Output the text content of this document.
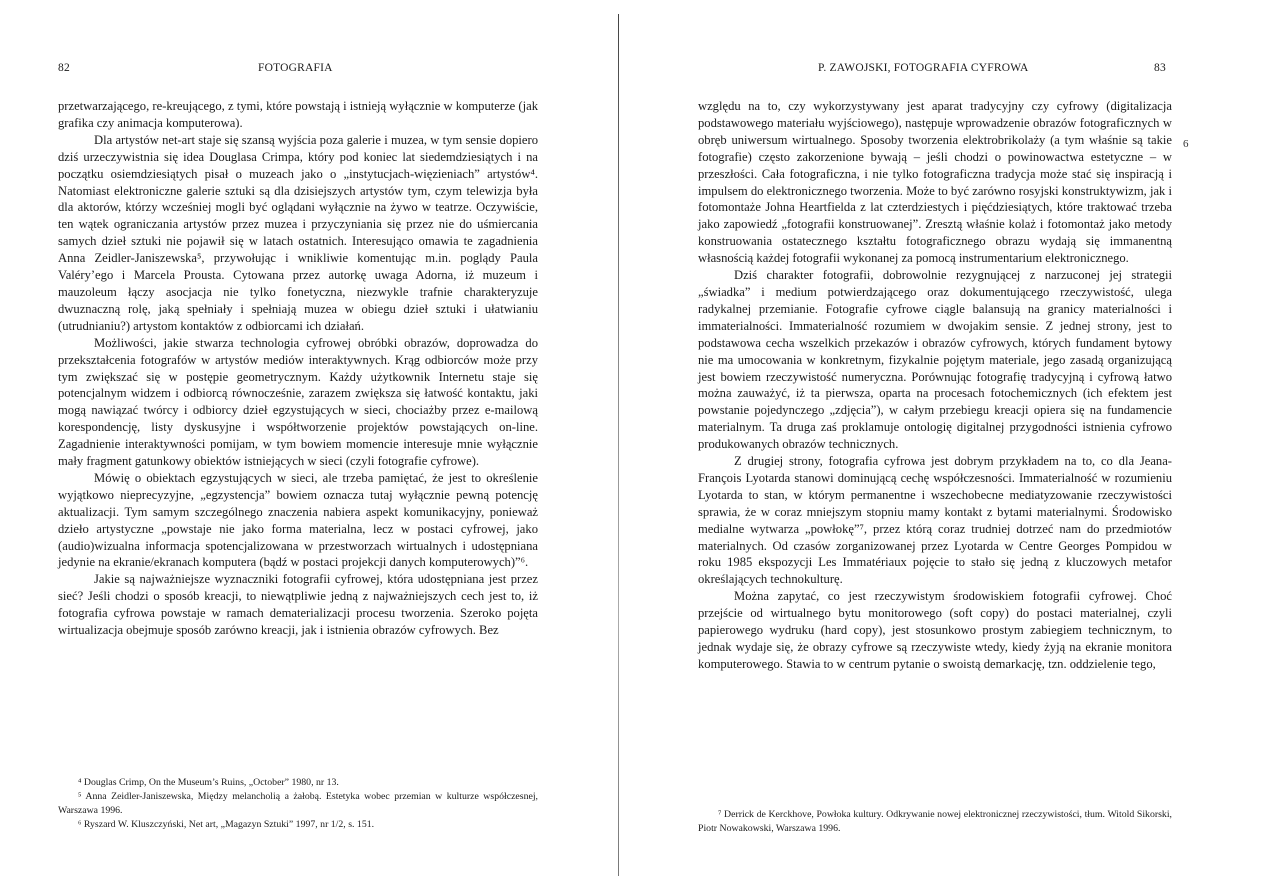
82	FOTOGRAFIA

przetwarzającego, re-kreującego, z tymi, które powstają i istnieją wyłącznie w komputerze (jak grafika czy animacja komputerowa).

Dla artystów net-art staje się szansą wyjścia poza galerie i muzea, w tym sensie dopiero dziś urzeczywistnia się idea Douglasa Crimpa, który pod koniec lat siedemdziesiątych i na początku osiemdziesiątych pisał o muzeach jako o „instytucjach-więzieniach” artystów⁴. Natomiast elektroniczne galerie sztuki są dla dzisiejszych artystów tym, czym telewizja była dla aktorów, którzy wcześniej mogli być oglądani wyłącznie na żywo w teatrze. Oczywiście, ten wątek ograniczania artystów przez muzea i przyczyniania się przez nie do uśmiercania samych dzieł sztuki nie pojawił się w latach ostatnich. Interesująco omawia te zagadnienia Anna Zeidler-Janiszewska⁵, przywołując i wnikliwie komentując m.in. poglądy Paula Valéry’ego i Marcela Prousta. Cytowana przez autorkę uwaga Adorna, iż muzeum i mauzoleum łączy asocjacja nie tylko fonetyczna, niezwykle trafnie charakteryzuje dwuznaczną rolę, jaką spełniały i spełniają muzea w obiegu dzieł sztuki i ułatwianiu (utrudnianiu?) artystom kontaktów z odbiorcami ich działań.

Możliwości, jakie stwarza technologia cyfrowej obróbki obrazów, doprowadza do przekształcenia fotografów w artystów mediów interaktywnych. Krąg odbiorców może przy tym zwiększać się w postępie geometrycznym. Każdy użytkownik Internetu staje się potencjalnym widzem i odbiorcą równocześnie, zarazem zwiększa się łatwość kontaktu, jaki mogą nawiązać twórcy i odbiorcy dzieł egzystujących w sieci, chociażby przez e-mailową korespondencję, listy dyskusyjne i współtworzenie projektów powstających on-line. Zagadnienie interaktywności pomijam, w tym bowiem momencie interesuje mnie wyłącznie mały fragment gatunkowy obiektów istniejących w sieci (czyli fotografie cyfrowe).

Mówię o obiektach egzystujących w sieci, ale trzeba pamiętać, że jest to określenie wyjątkowo nieprecyzyjne, „egzystencja” bowiem oznacza tutaj wyłącznie pewną potencję aktualizacji. Tym samym szczególnego znaczenia nabiera aspekt komunikacyjny, ponieważ dzieło artystyczne „powstaje nie jako forma materialna, lecz w postaci cyfrowej, jako (audio)wizualna informacja spotencjalizowana w przestworzach wirtualnych i udostępniana jedynie na ekranie/ekranach komputera (bądź w postaci projekcji danych komputerowych)”⁶.

Jakie są najważniejsze wyznaczniki fotografii cyfrowej, która udostępniana jest przez sieć? Jeśli chodzi o sposób kreacji, to niewątpliwie jedną z najważniejszych cech jest to, iż fotografia cyfrowa powstaje w ramach dematerializacji procesu tworzenia. Szeroko pojęta wirtualizacja obejmuje sposób zarówno kreacji, jak i istnienia obrazów cyfrowych. Bez

⁴ Douglas Crimp, On the Museum’s Ruins, „October” 1980, nr 13.

⁵ Anna Zeidler-Janiszewska, Między melancholią a żałobą. Estetyka wobec przemian w kulturze współczesnej, Warszawa 1996.

⁶ Ryszard W. Kluszczyński, Net art, „Magazyn Sztuki” 1997, nr 1/2, s. 151.

P. ZAWOJSKI, FOTOGRAFIA CYFROWA	83

względu na to, czy wykorzystywany jest aparat tradycyjny czy cyfrowy (digitalizacja podstawowego materiału wyjściowego), następuje wprowadzenie obrazów fotograficznych w obręb uniwersum wirtualnego. Sposoby tworzenia elektrobrikolaży (a tym właśnie są takie fotografie) często zakorzenione bywają – jeśli chodzi o powinowactwa estetyczne – w przeszłości. Cała fotograficzna, i nie tylko fotograficzna tradycja może stać się inspiracją i impulsem do elektronicznego tworzenia. Może to być zarówno rosyjski konstruktywizm, jak i fotomontaże Johna Heartfielda z lat czterdziestych i pięćdziesiątych, które traktować trzeba jako zapowiedź „fotografii konstruowanej”. Zresztą właśnie kolaż i fotomontaż jako metody konstruowania ostatecznego kształtu fotograficznego obrazu wydają się immanentną własnością każdej fotografii wykonanej za pomocą instrumentarium elektronicznego.

Dziś charakter fotografii, dobrowolnie rezygnującej z narzuconej jej strategii „świadka” i medium potwierdzającego oraz dokumentującego rzeczywistość, ulega radykalnej przemianie. Fotografie cyfrowe ciągle balansują na granicy materialności i immaterialności. Immaterialność rozumiem w dwojakim sensie. Z jednej strony, jest to podstawowa cecha wszelkich przekazów i obrazów cyfrowych, których fundament bytowy nie ma umocowania w konkretnym, fizykalnie pojętym materiale, jego zasadą organizującą jest bowiem rzeczywistość numeryczna. Porównując fotografię tradycyjną i cyfrową łatwo można zauważyć, iż ta pierwsza, oparta na procesach fotochemicznych (ich efektem jest powstanie pojedynczego „zdjęcia”), w całym przebiegu kreacji opiera się na fundamencie materialnym. Ta druga zaś proklamuje ontologię digitalnej przygodności istnienia cyfrowo produkowanych obrazów technicznych.

Z drugiej strony, fotografia cyfrowa jest dobrym przykładem na to, co dla Jeana-François Lyotarda stanowi dominującą cechę współczesności. Immaterialność w rozumieniu Lyotarda to stan, w którym permanentne i wszechobecne mediatyzowanie rzeczywistości sprawia, że w coraz mniejszym stopniu mamy kontakt z bytami materialnymi. Środowisko medialne wytwarza „powłokę”⁷, przez którą coraz trudniej dotrzeć nam do przedmiotów materialnych. Od czasów zorganizowanej przez Lyotarda w Centre Georges Pompidou w roku 1985 ekspozycji Les Immatériaux pojęcie to stało się jedną z kluczowych metafor określających technokulturę.

Można zapytać, co jest rzeczywistym środowiskiem fotografii cyfrowej. Choć przejście od wirtualnego bytu monitorowego (soft copy) do postaci materialnej, czyli papierowego wydruku (hard copy), jest stosunkowo prostym zabiegiem technicznym, to jednak wydaje się, że obrazy cyfrowe są rzeczywiste wtedy, kiedy żyją na ekranie monitora komputerowego. Stawia to w centrum pytanie o swoistą demarkację, tzn. oddzielenie tego,

⁷ Derrick de Kerckhove, Powłoka kultury. Odkrywanie nowej elektronicznej rzeczywistości, tłum. Witold Sikorski, Piotr Nowakowski, Warszawa 1996.

6
